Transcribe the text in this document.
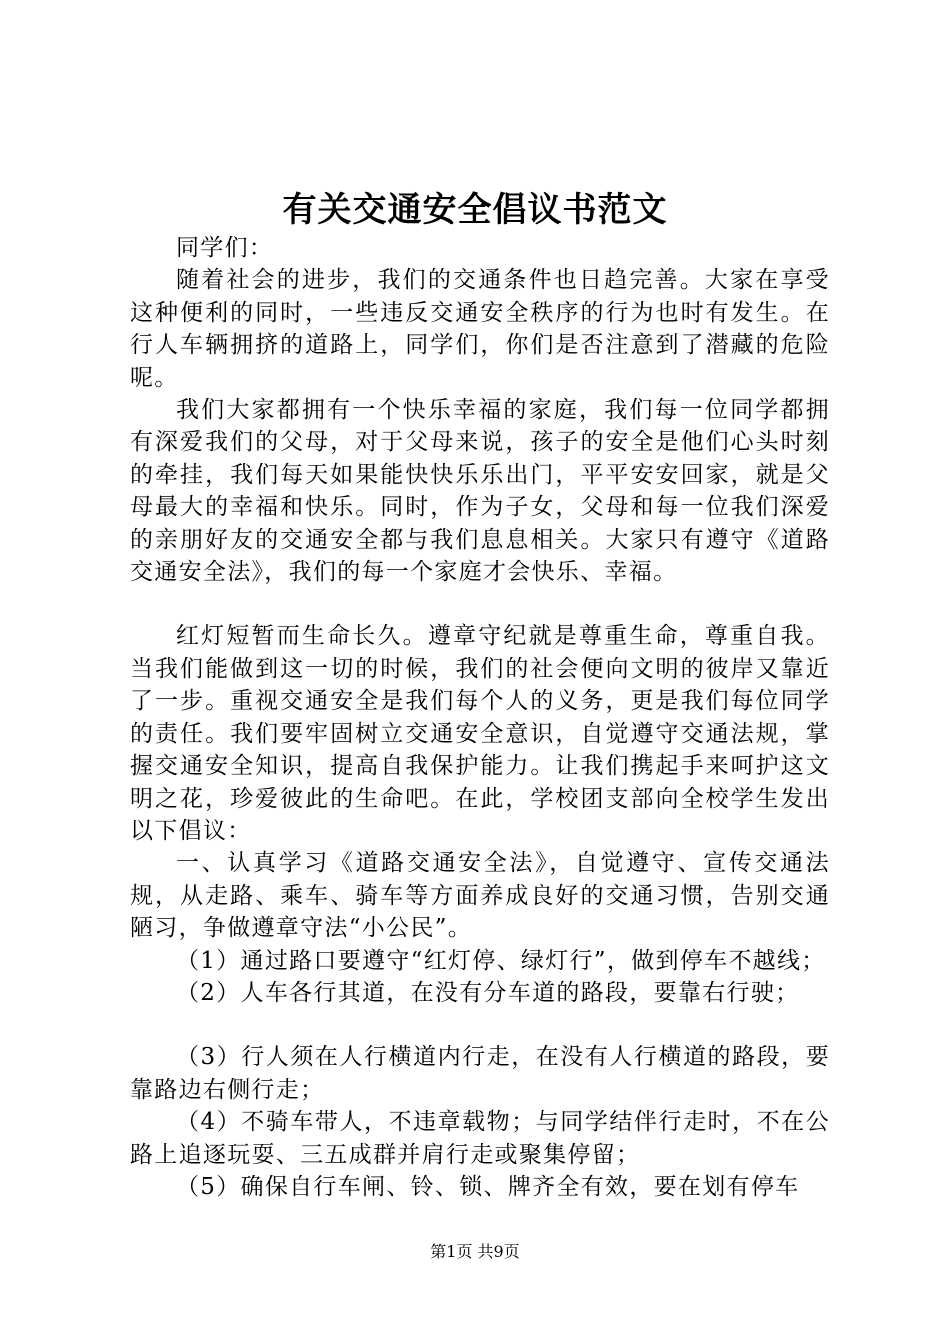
有关交通安全倡议书范文

同学们：

随着社会的进步，我们的交通条件也日趋完善。大家在享受这种便利的同时，一些违反交通安全秩序的行为也时有发生。在行人车辆拥挤的道路上，同学们，你们是否注意到了潜藏的危险呢。

我们大家都拥有一个快乐幸福的家庭，我们每一位同学都拥有深爱我们的父母，对于父母来说，孩子的安全是他们心头时刻的牵挂，我们每天如果能快快乐乐出门，平平安安回家，就是父母最大的幸福和快乐。同时，作为子女，父母和每一位我们深爱的亲朋好友的交通安全都与我们息息相关。大家只有遵守《道路交通安全法》，我们的每一个家庭才会快乐、幸福。

红灯短暂而生命长久。遵章守纪就是尊重生命，尊重自我。当我们能做到这一切的时候，我们的社会便向文明的彼岸又靠近了一步。重视交通安全是我们每个人的义务，更是我们每位同学的责任。我们要牢固树立交通安全意识，自觉遵守交通法规，掌握交通安全知识，提高自我保护能力。让我们携起手来呵护这文明之花，珍爱彼此的生命吧。在此，学校团支部向全校学生发出以下倡议：

一、认真学习《道路交通安全法》，自觉遵守、宣传交通法规，从走路、乘车、骑车等方面养成良好的交通习惯，告别交通陋习，争做遵章守法“小公民”。

（1）通过路口要遵守“红灯停、绿灯行”，做到停车不越线；

（2）人车各行其道，在没有分车道的路段，要靠右行驶；

（3）行人须在人行横道内行走，在没有人行横道的路段，要靠路边右侧行走；

（4）不骑车带人，不违章载物；与同学结伴行走时，不在公路上追逐玩耍、三五成群并肩行走或聚集停留；

（5）确保自行车闸、铃、锁、牌齐全有效，要在划有停车

第1页 共9页
